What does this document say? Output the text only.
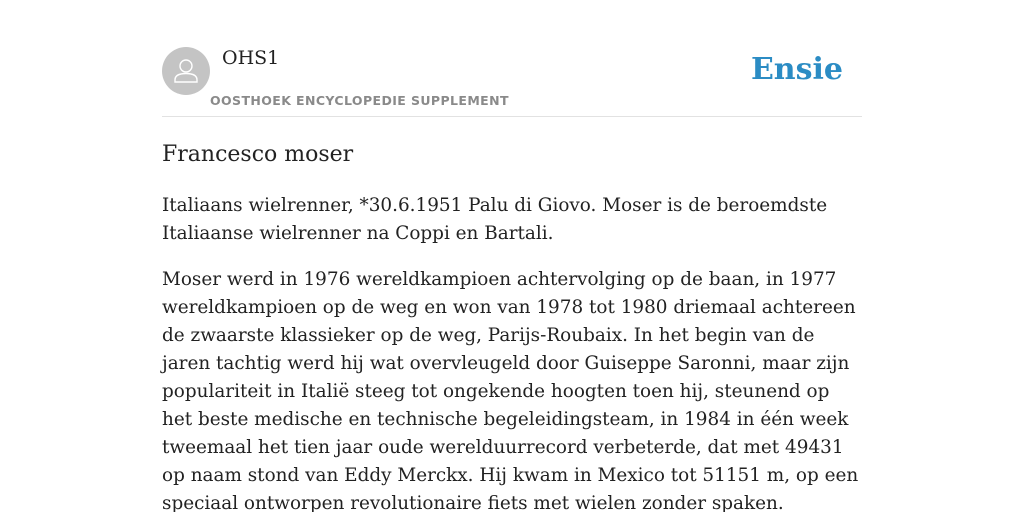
OHS1
OOSTHOEK ENCYCLOPEDIE SUPPLEMENT
Ensie
Francesco moser

Italiaans wielrenner, *30.6.1951 Palu di Giovo. Moser is de beroemdste Italiaanse wielrenner na Coppi en Bartali.

Moser werd in 1976 wereldkampioen achtervolging op de baan, in 1977 wereldkampioen op de weg en won van 1978 tot 1980 driemaal achtereen de zwaarste klassieker op de weg, Parijs-Roubaix. In het begin van de jaren tachtig werd hij wat overvleugeld door Guiseppe Saronni, maar zijn populariteit in Italië steeg tot ongekende hoogten toen hij, steunend op het beste medische en technische begeleidingsteam, in 1984 in één week tweemaal het tien jaar oude werelduurrecord verbeterde, dat met 49431 op naam stond van Eddy Merckx. Hij kwam in Mexico tot 51151 m, op een speciaal ontworpen revolutionaire fiets met wielen zonder spaken.
